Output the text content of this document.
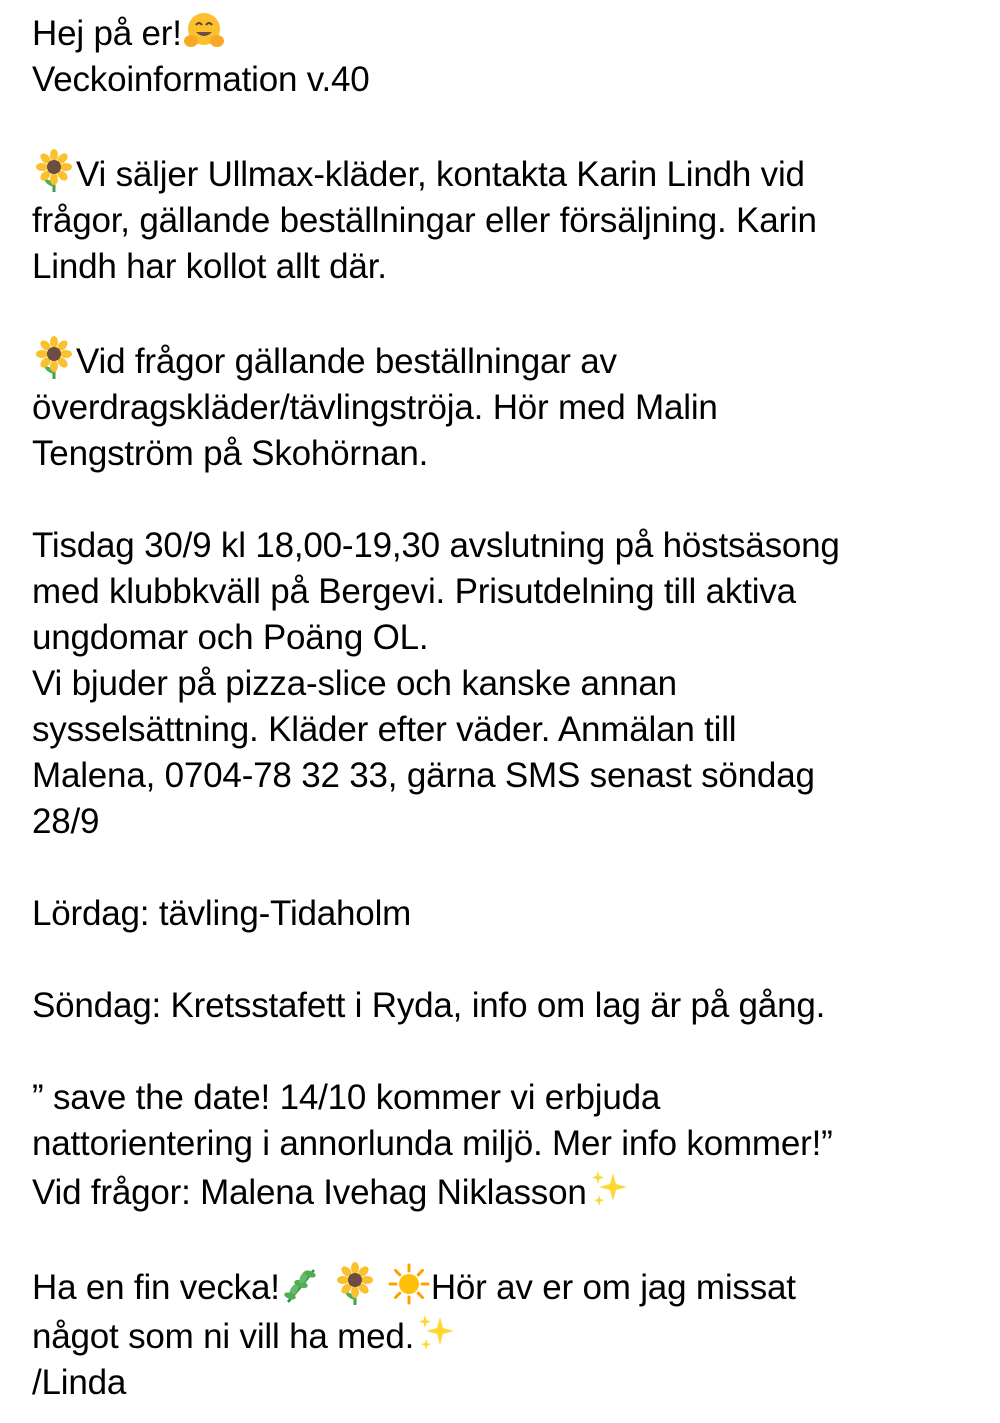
Hej på er!
Veckoinformation v.40
Vi säljer Ullmax-kläder, kontakta Karin Lindh vid
frågor, gällande beställningar eller försäljning. Karin
Lindh har kollot allt där.
Vid frågor gällande beställningar av
överdragskläder/tävlingströja. Hör med Malin
Tengström på Skohörnan.
Tisdag 30/9 kl 18,00-19,30 avslutning på höstsäsong
med klubbkväll på Bergevi. Prisutdelning till aktiva
ungdomar och Poäng OL.
Vi bjuder på pizza-slice och kanske annan
sysselsättning. Kläder efter väder. Anmälan till
Malena, 0704-78 32 33, gärna SMS senast söndag
28/9
Lördag: tävling-Tidaholm
Söndag: Kretsstafett i Ryda, info om lag är på gång.
” save the date! 14/10 kommer vi erbjuda
nattorientering i annorlunda miljö. Mer info kommer!”
Vid frågor: Malena Ivehag Niklasson
Ha en fin vecka!

	Hör av er om jag missat
något som ni vill ha med.
/Linda
